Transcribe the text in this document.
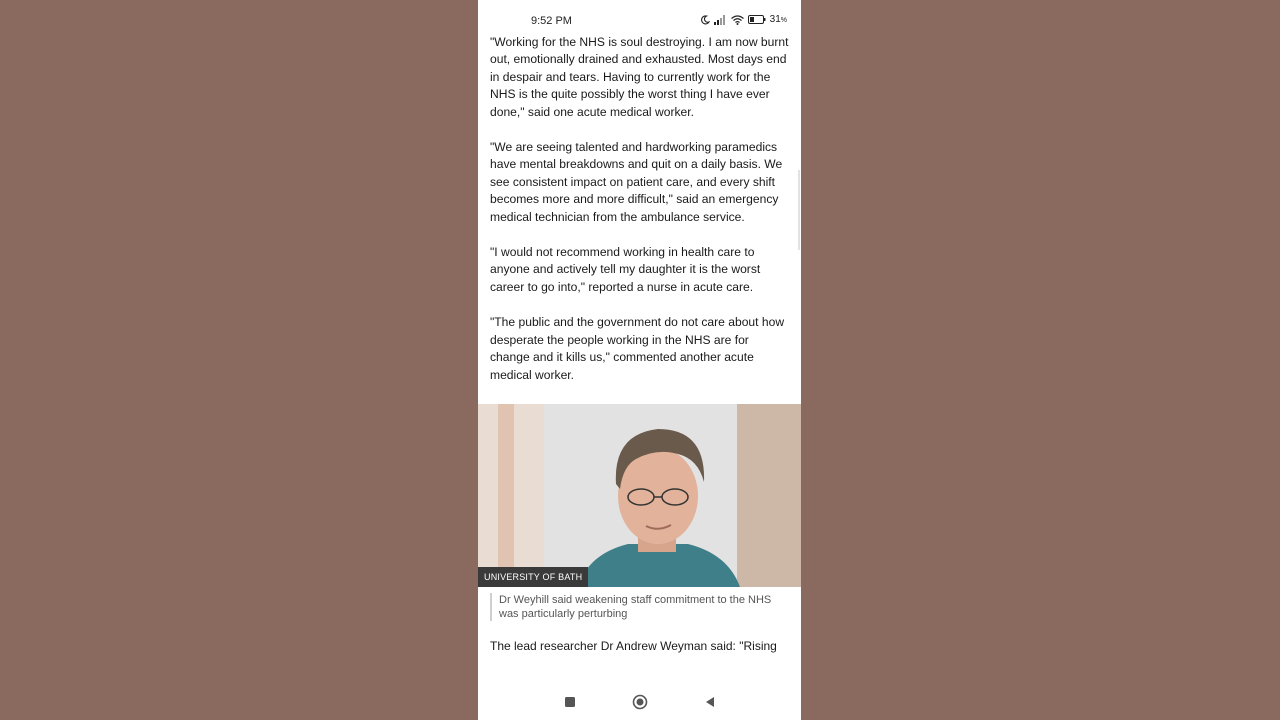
9:52 PM	31%

"Working for the NHS is soul destroying. I am now burnt out, emotionally drained and exhausted. Most days end in despair and tears. Having to currently work for the NHS is the quite possibly the worst thing I have ever done," said one acute medical worker.

"We are seeing talented and hardworking paramedics have mental breakdowns and quit on a daily basis. We see consistent impact on patient care, and every shift becomes more and more difficult," said an emergency medical technician from the ambulance service.

"I would not recommend working in health care to anyone and actively tell my daughter it is the worst career to go into," reported a nurse in acute care.

"The public and the government do not care about how desperate the people working in the NHS are for change and it kills us," commented another acute medical worker.

UNIVERSITY OF BATH
Dr Weyhill said weakening staff commitment to the NHS was particularly perturbing
The lead researcher Dr Andrew Weyman said: "Rising
